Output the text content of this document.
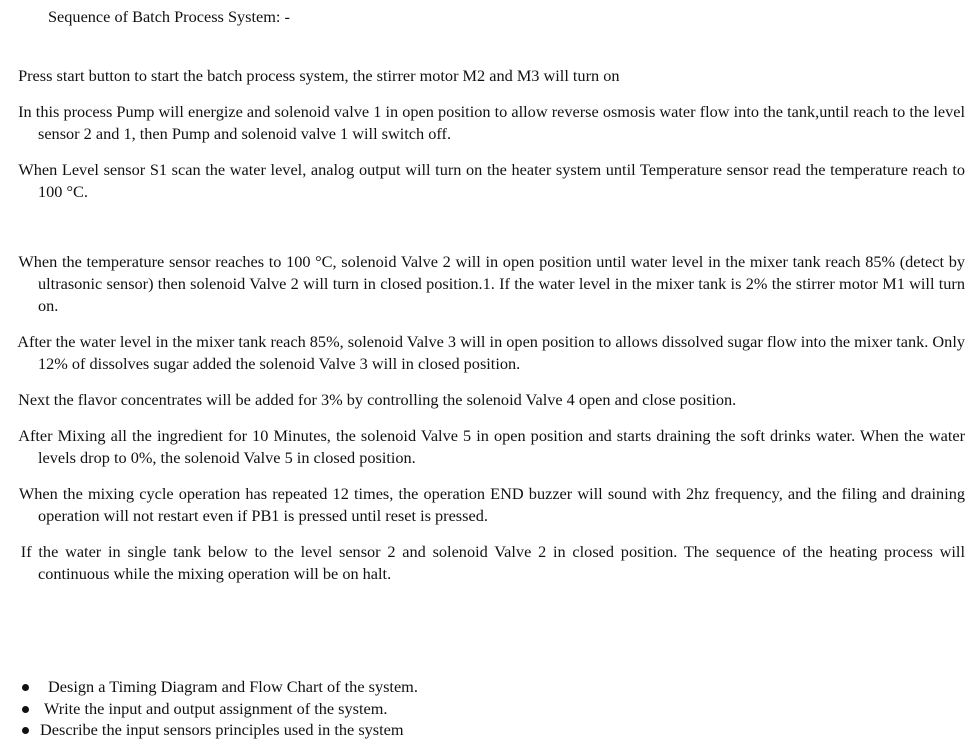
Sequence of Batch Process System: -
Press start button to start the batch process system, the stirrer motor M2 and M3 will turn on
In this process Pump will energize and solenoid valve 1 in open position to allow reverse osmosis water flow into the tank,until reach to the level sensor 2 and 1, then Pump and solenoid valve 1 will switch off.
When Level sensor S1 scan the water level, analog output will turn on the heater system until Temperature sensor read the temperature reach to 100 °C.
When the temperature sensor reaches to 100 °C, solenoid Valve 2 will in open position until water level in the mixer tank reach 85% (detect by ultrasonic sensor) then solenoid Valve 2 will turn in closed position.1. If the water level in the mixer tank is 2% the stirrer motor M1 will turn on.
After the water level in the mixer tank reach 85%, solenoid Valve 3 will in open position to allows dissolved sugar flow into the mixer tank. Only 12% of dissolves sugar added the solenoid Valve 3 will in closed position.
Next the flavor concentrates will be added for 3% by controlling the solenoid Valve 4 open and close position.
After Mixing all the ingredient for 10 Minutes, the solenoid Valve 5 in open position and starts draining the soft drinks water. When the water levels drop to 0%, the solenoid Valve 5 in closed position.
When the mixing cycle operation has repeated 12 times, the operation END buzzer will sound with 2hz frequency, and the filing and draining operation will not restart even if PB1 is pressed until reset is pressed.
If the water in single tank below to the level sensor 2 and solenoid Valve 2 in closed position. The sequence of the heating process will continuous while the mixing operation will be on halt.
Design a Timing Diagram and Flow Chart of the system.
Write the input and output assignment of the system.
Describe the input sensors principles used in the system
